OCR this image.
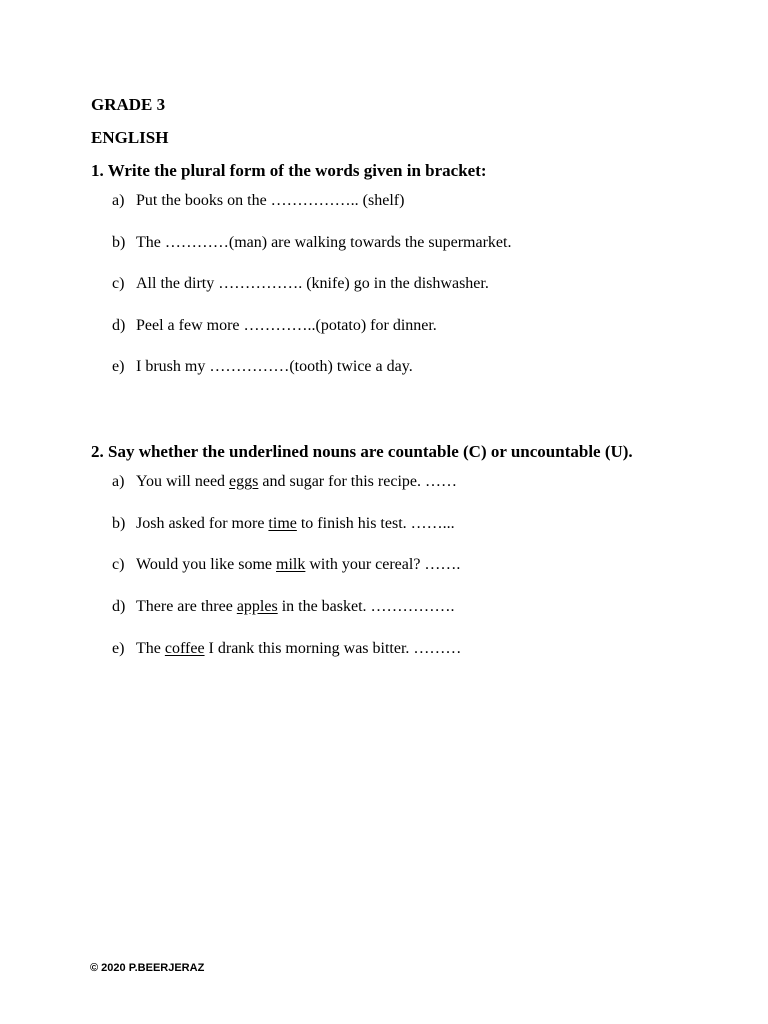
GRADE 3
ENGLISH
1. Write the plural form of the words given in bracket:
a) Put the books on the …………….. (shelf)
b) The …………(man) are walking towards the supermarket.
c) All the dirty ……………. (knife) go in the dishwasher.
d) Peel a few more …………..(potato) for dinner.
e) I brush my ……………(tooth) twice a day.
2. Say whether the underlined nouns are countable (C) or uncountable (U).
a) You will need eggs and sugar for this recipe. ……
b) Josh asked for more time to finish his test. ……...
c) Would you like some milk with your cereal? …….
d) There are three apples in the basket. …………….
e) The coffee I drank this morning was bitter. ………
© 2020 P.BEERJERAZ
